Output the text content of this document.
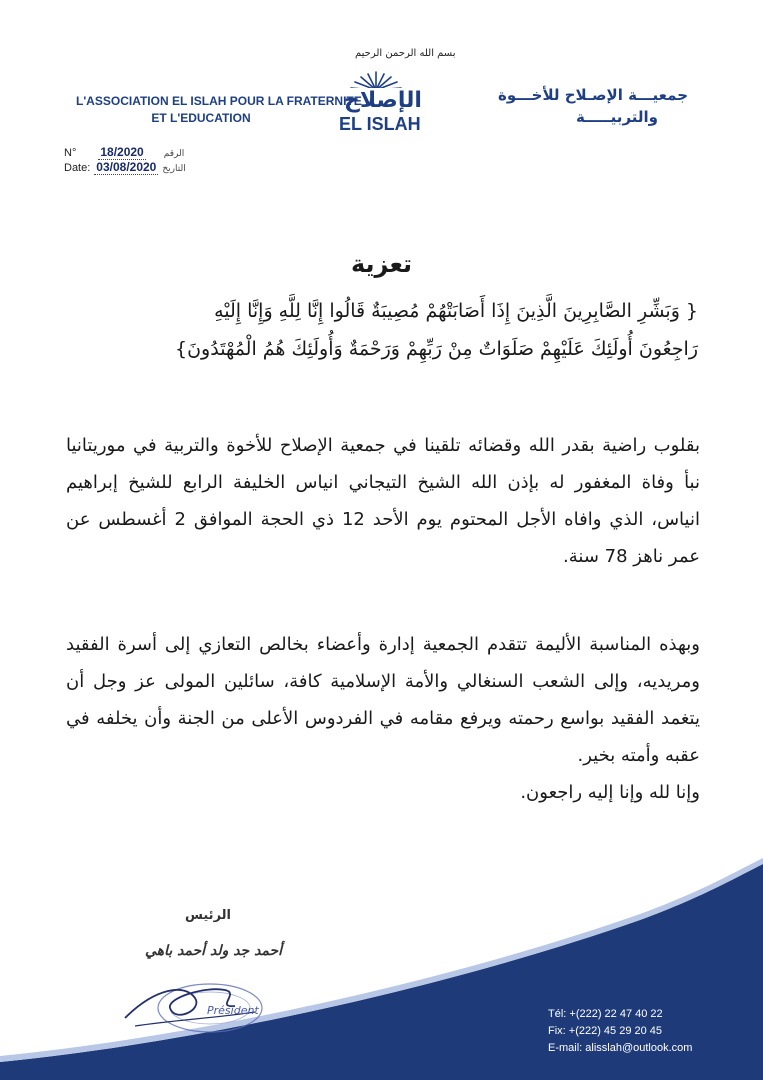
بسم الله الرحمن الرحيم
الإصلاح
EL ISLAH
L'ASSOCIATION EL ISLAH POUR LA FRATERNITE
ET L'EDUCATION
جمعيـــة الإصـلاح للأخـــوة
والتربيـــــة
N° 18/2020 الرقم
Date: 03/08/2020 التاريخ
تعزية
{ وَبَشِّرِ الصَّابِرِينَ الَّذِينَ إِذَا أَصَابَتْهُمْ مُصِيبَةٌ قَالُوا إِنَّا لِلَّهِ وَإِنَّا إِلَيْهِ
رَاجِعُونَ أُولَئِكَ عَلَيْهِمْ صَلَوَاتٌ مِنْ رَبِّهِمْ وَرَحْمَةٌ وَأُولَئِكَ هُمُ الْمُهْتَدُونَ}
بقلوب راضية بقدر الله وقضائه تلقينا في جمعية الإصلاح للأخوة والتربية في موريتانيا نبأ وفاة المغفور له بإذن الله الشيخ التيجاني انياس الخليفة الرابع للشيخ إبراهيم انياس، الذي وافاه الأجل المحتوم يوم الأحد 12 ذي الحجة الموافق 2 أغسطس عن عمر ناهز 78 سنة.
وبهذه المناسبة الأليمة تتقدم الجمعية إدارة وأعضاء بخالص التعازي إلى أسرة الفقيد ومريديه، وإلى الشعب السنغالي والأمة الإسلامية كافة، سائلين المولى عز وجل أن يتغمد الفقيد بواسع رحمته ويرفع مقامه في الفردوس الأعلى من الجنة وأن يخلفه في عقبه وأمته بخير.
وإنا لله وإنا إليه راجعون.
الرئيس
أحمد جد ولد أحمد باهي
Président	Tél: +(222) 22 47 40 22
Fix: +(222) 45 29 20 45
E-mail: alisslah@outlook.com
